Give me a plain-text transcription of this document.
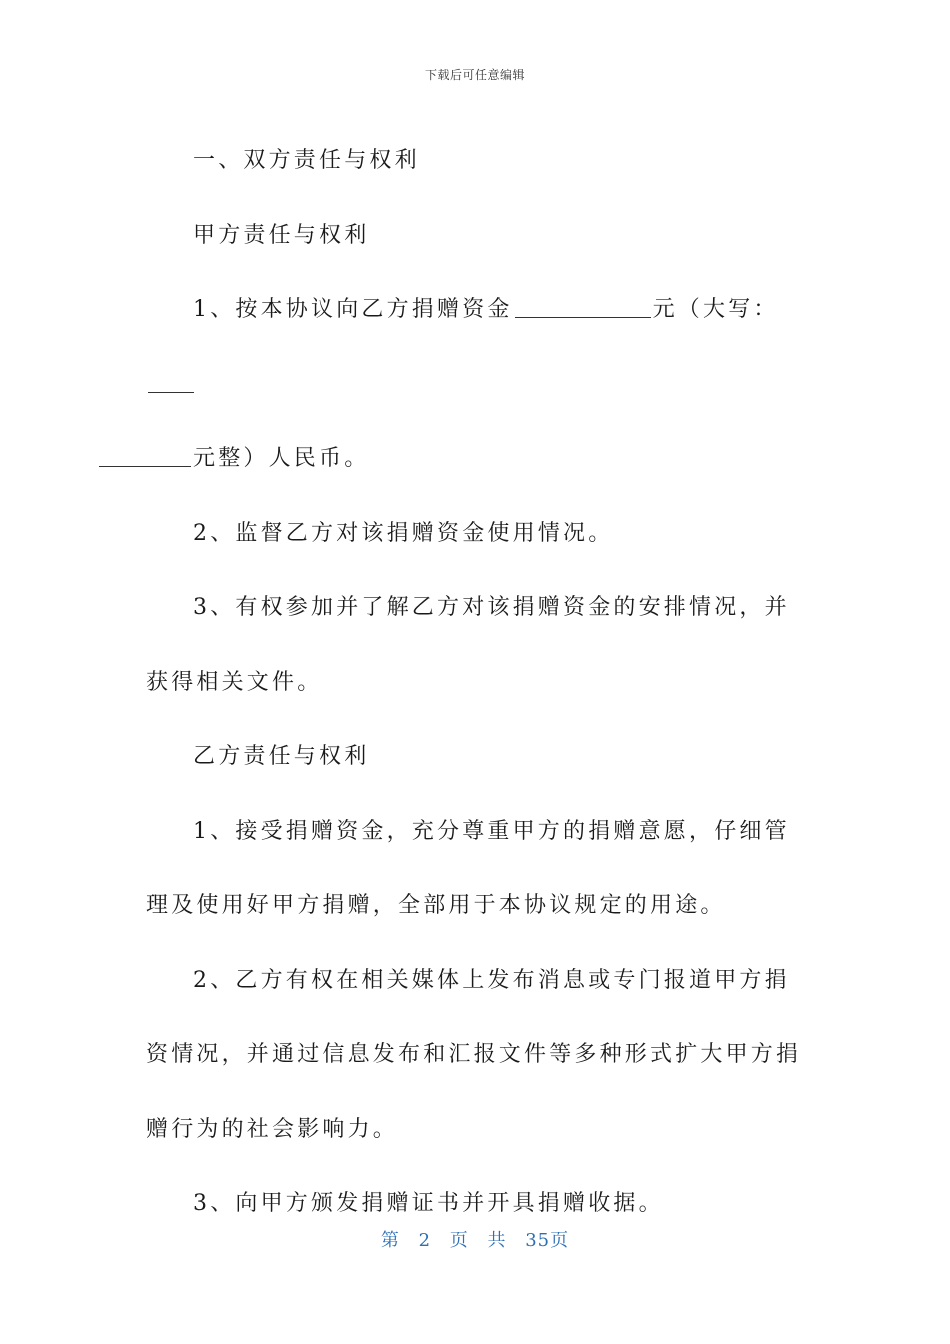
下载后可任意编辑

一、双方责任与权利

甲方责任与权利

1、按本协议向乙方捐赠资金	元（大写：
元整）人民币。

2、监督乙方对该捐赠资金使用情况。

3、有权参加并了解乙方对该捐赠资金的安排情况，并获得相关文件。

乙方责任与权利

1、接受捐赠资金，充分尊重甲方的捐赠意愿，仔细管理及使用好甲方捐赠，全部用于本协议规定的用途。

2、乙方有权在相关媒体上发布消息或专门报道甲方捐资情况，并通过信息发布和汇报文件等多种形式扩大甲方捐赠行为的社会影响力。

3、向甲方颁发捐赠证书并开具捐赠收据。

第 2 页 共 35页
